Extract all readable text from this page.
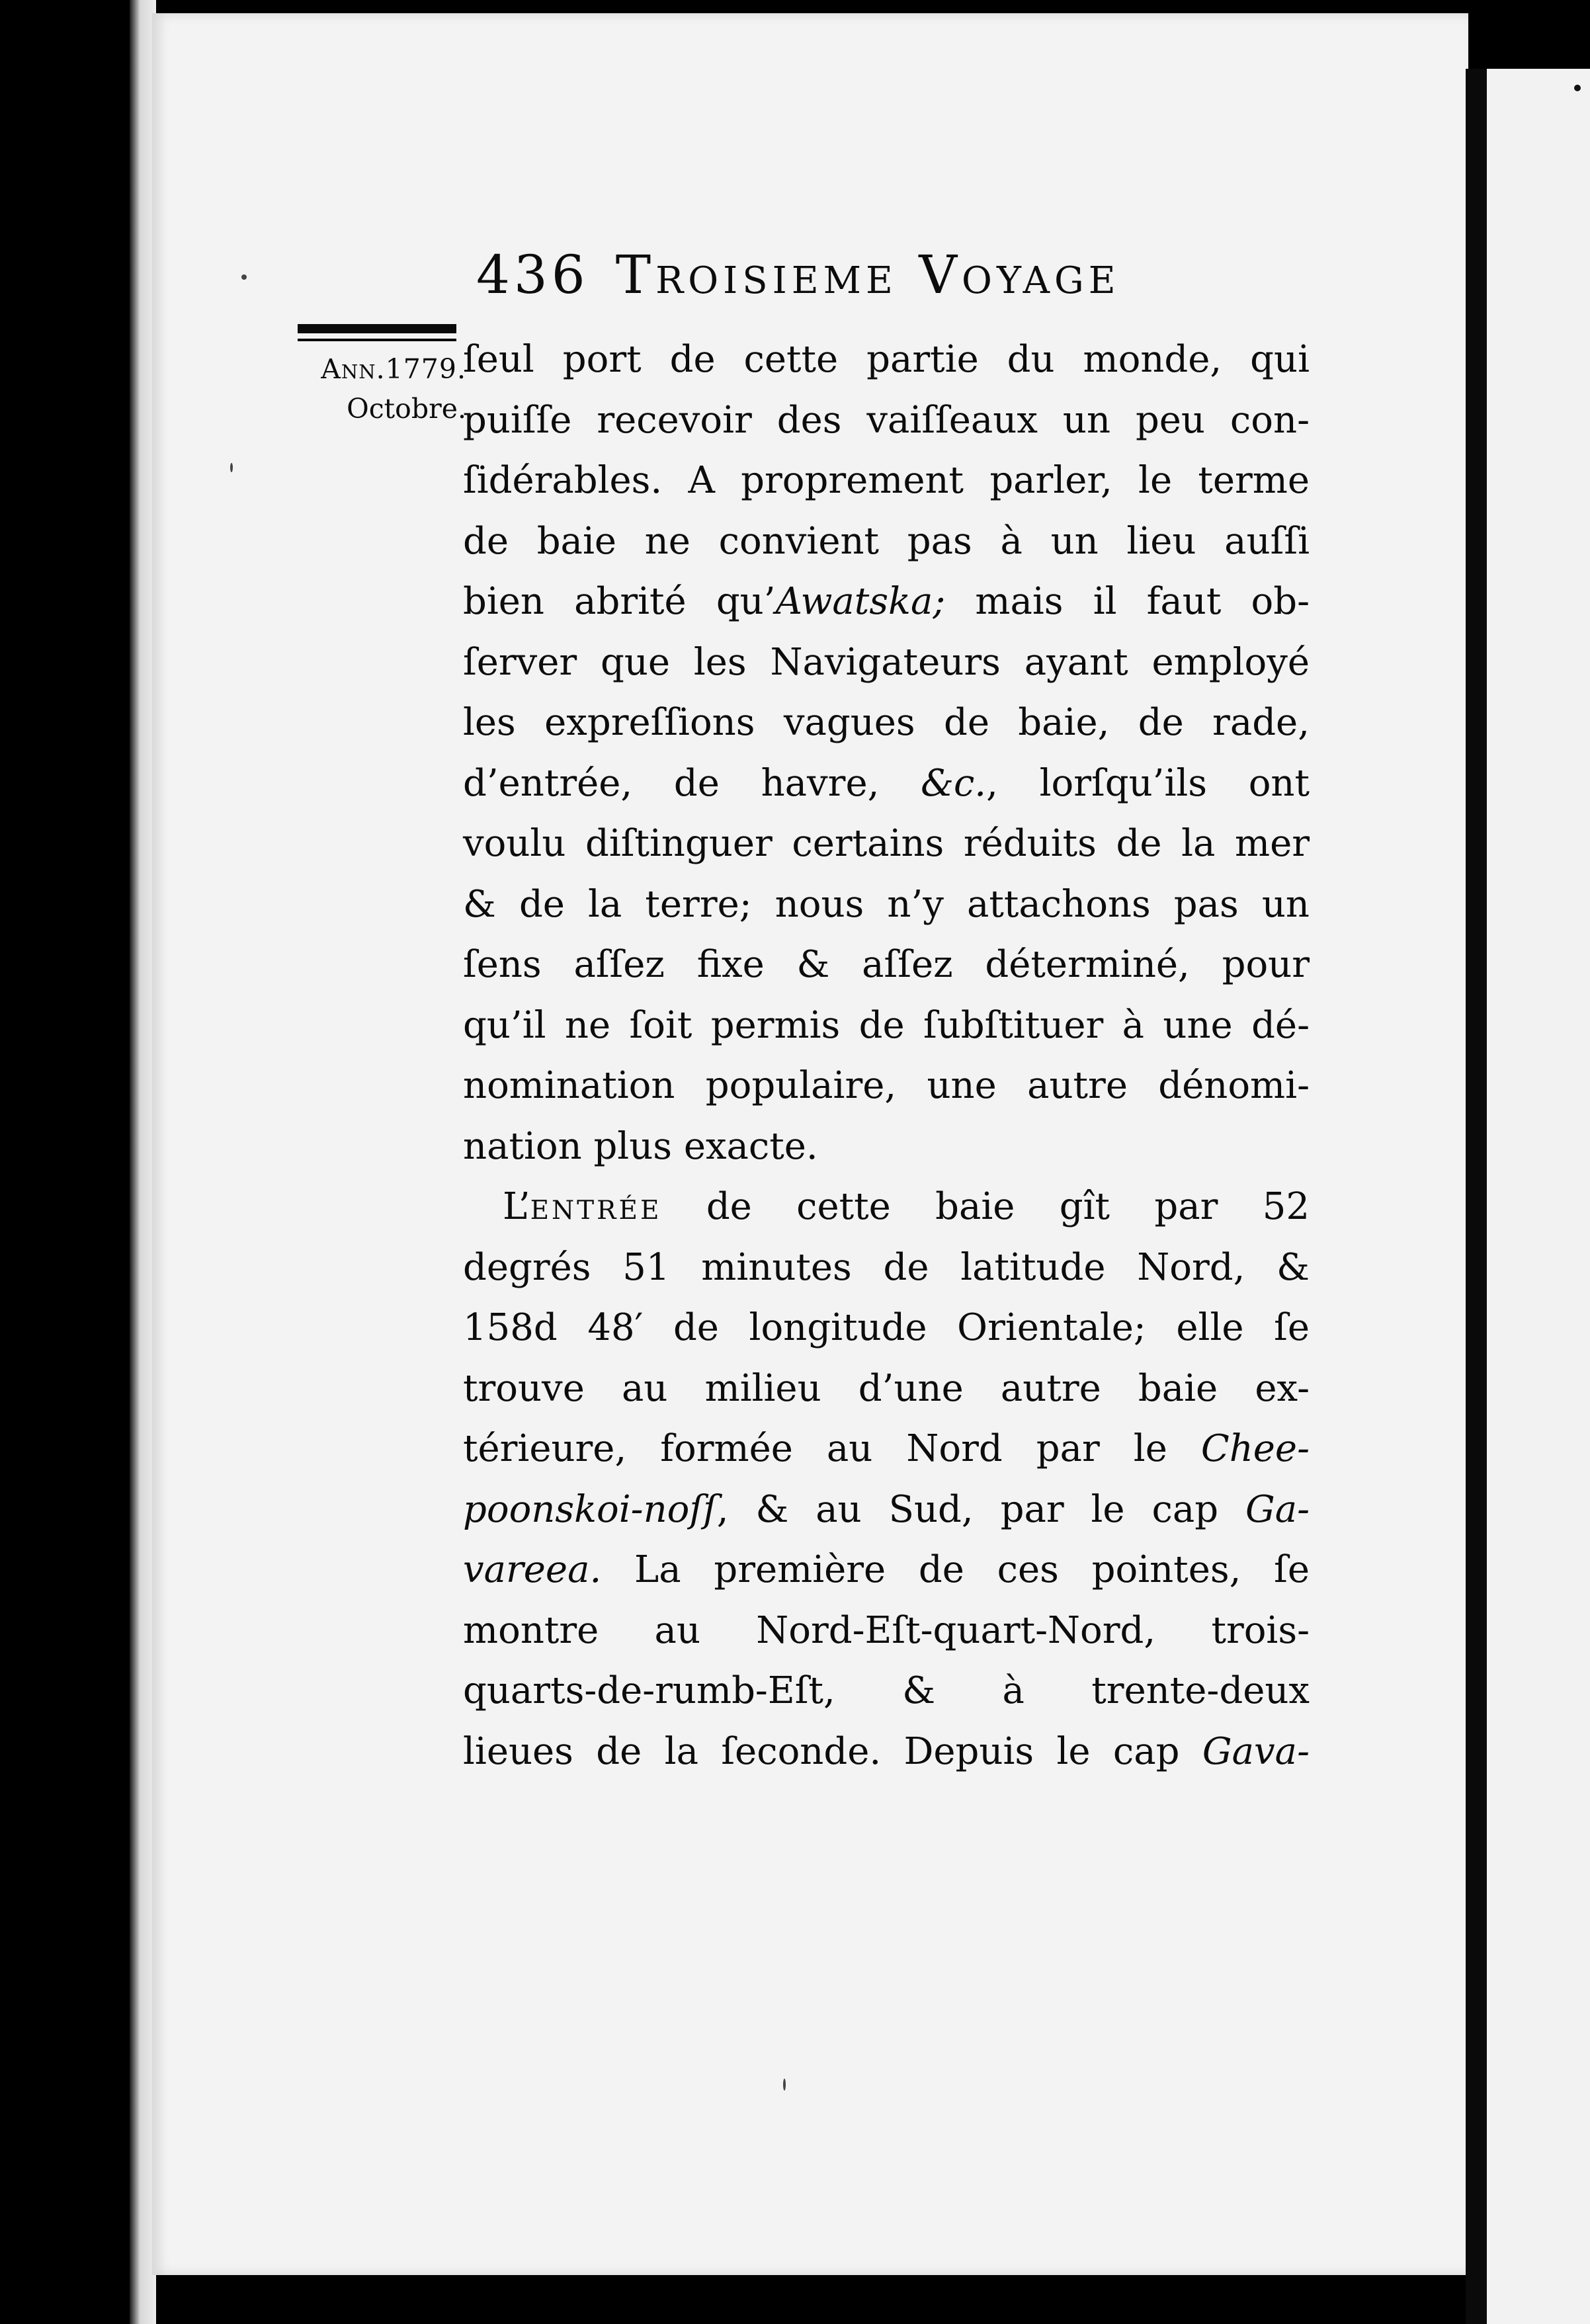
436 Troisieme Voyage
Ann.1779.
Octobre.
ſeul port de cette partie du monde, qui
puiſſe recevoir des vaiſſeaux un peu con-
ſidérables. A proprement parler, le terme
de baie ne convient pas à un lieu auſſi
bien abrité qu’Awatska; mais il faut ob-
ſerver que les Navigateurs ayant employé
les expreſſions vagues de baie, de rade,
d’entrée, de havre, &c., lorſqu’ils ont
voulu diſtinguer certains réduits de la mer
& de la terre; nous n’y attachons pas un
ſens aſſez fixe & aſſez déterminé, pour
qu’il ne ſoit permis de ſubſtituer à une dé-
nomination populaire, une autre dénomi-
nation plus exacte.
L’entrée de cette baie gît par 52
degrés 51 minutes de latitude Nord, &
158d 48′ de longitude Orientale; elle ſe
trouve au milieu d’une autre baie ex-
térieure, formée au Nord par le Chee-
poonskoi-noſſ, & au Sud, par le cap Ga-
vareea. La première de ces pointes, ſe
montre au Nord-Eſt-quart-Nord, trois-
quarts-de-rumb-Eſt, & à trente-deux
lieues de la ſeconde. Depuis le cap Gava-
